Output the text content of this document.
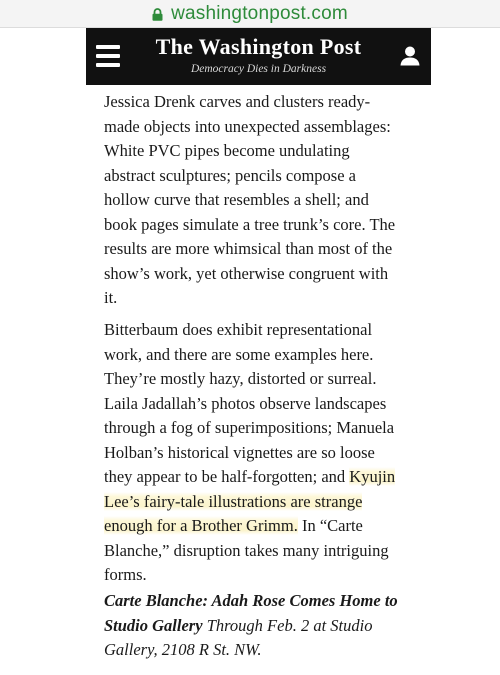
washingtonpost.com
The Washington Post
Democracy Dies in Darkness

Jessica Drenk carves and clusters ready-made objects into unexpected assemblages: White PVC pipes become undulating abstract sculptures; pencils compose a hollow curve that resembles a shell; and book pages simulate a tree trunk’s core. The results are more whimsical than most of the show’s work, yet otherwise congruent with it.

Bitterbaum does exhibit representational work, and there are some examples here. They’re mostly hazy, distorted or surreal. Laila Jadallah’s photos observe landscapes through a fog of superimpositions; Manuela Holban’s historical vignettes are so loose they appear to be half-forgotten; and Kyujin Lee’s fairy-tale illustrations are strange enough for a Brother Grimm. In “Carte Blanche,” disruption takes many intriguing forms.

Carte Blanche: Adah Rose Comes Home to Studio Gallery Through Feb. 2 at Studio Gallery, 2108 R St. NW.
